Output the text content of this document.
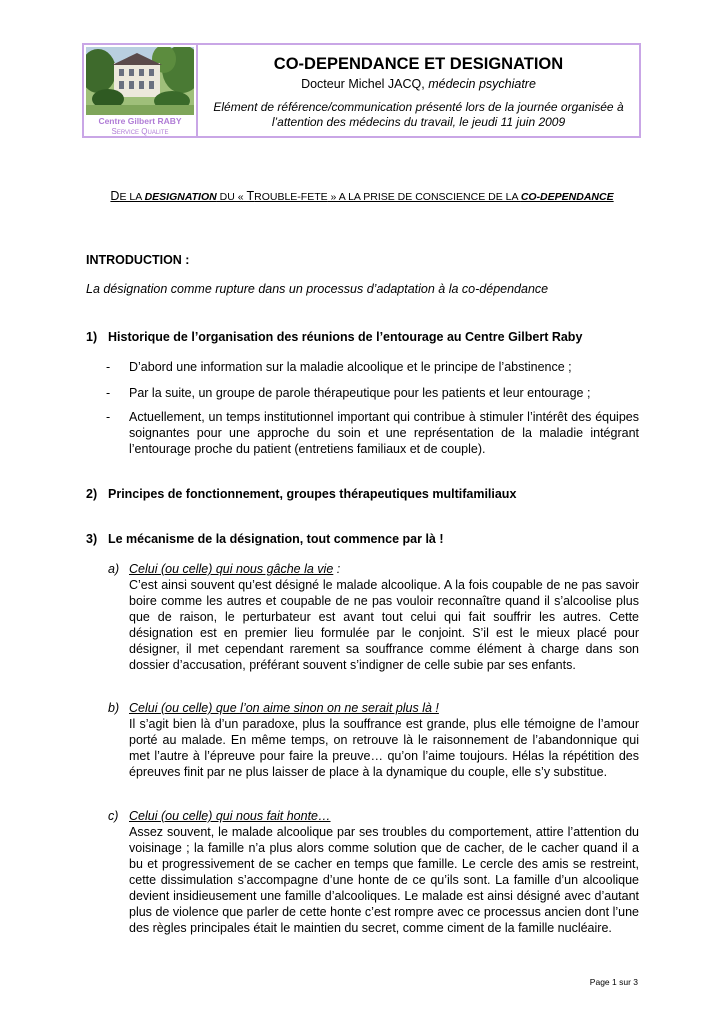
Centre Gilbert RABY
Service Qualite
CO-DEPENDANCE ET DESIGNATION
Docteur Michel JACQ, médecin psychiatre
Elément de référence/communication présenté lors de la journée organisée à
l’attention des médecins du travail, le jeudi 11 juin 2009
DE LA DESIGNATION DU « TROUBLE-FETE » A LA PRISE DE CONSCIENCE DE LA CO-DEPENDANCE
INTRODUCTION :
La désignation comme rupture dans un processus d’adaptation à la co-dépendance
1) Historique de l’organisation des réunions de l’entourage au Centre Gilbert Raby
- D’abord une information sur la maladie alcoolique et le principe de l’abstinence ;
- Par la suite, un groupe de parole thérapeutique pour les patients et leur entourage ;
- Actuellement, un temps institutionnel important qui contribue à stimuler l’intérêt des équipes soignantes pour une approche du soin et une représentation de la maladie intégrant l’entourage proche du patient (entretiens familiaux et de couple).
2) Principes de fonctionnement, groupes thérapeutiques multifamiliaux
3) Le mécanisme de la désignation, tout commence par là !
a) Celui (ou celle) qui nous gâche la vie :
C’est ainsi souvent qu’est désigné le malade alcoolique. A la fois coupable de ne pas savoir boire comme les autres et coupable de ne pas vouloir reconnaître quand il s’alcoolise plus que de raison, le perturbateur est avant tout celui qui fait souffrir les autres. Cette désignation est en premier lieu formulée par le conjoint. S’il est le mieux placé pour désigner, il met cependant rarement sa souffrance comme élément à charge dans son dossier d’accusation, préférant souvent s’indigner de celle subie par ses enfants.
b) Celui (ou celle) que l’on aime sinon on ne serait plus là !
Il s’agit bien là d’un paradoxe, plus la souffrance est grande, plus elle témoigne de l’amour porté au malade. En même temps, on retrouve là le raisonnement de l’abandonnique qui met l’autre à l’épreuve pour faire la preuve… qu’on l’aime toujours. Hélas la répétition des épreuves finit par ne plus laisser de place à la dynamique du couple, elle s’y substitue.
c) Celui (ou celle) qui nous fait honte…
Assez souvent, le malade alcoolique par ses troubles du comportement, attire l’attention du voisinage ; la famille n’a plus alors comme solution que de cacher, de le cacher quand il a bu et progressivement de se cacher en temps que famille. Le cercle des amis se restreint, cette dissimulation s’accompagne d’une honte de ce qu’ils sont. La famille d’un alcoolique devient insidieusement une famille d’alcooliques. Le malade est ainsi désigné avec d’autant plus de violence que parler de cette honte c’est rompre avec ce processus ancien dont l’une des règles principales était le maintien du secret, comme ciment de la famille nucléaire.
Page 1 sur 3
